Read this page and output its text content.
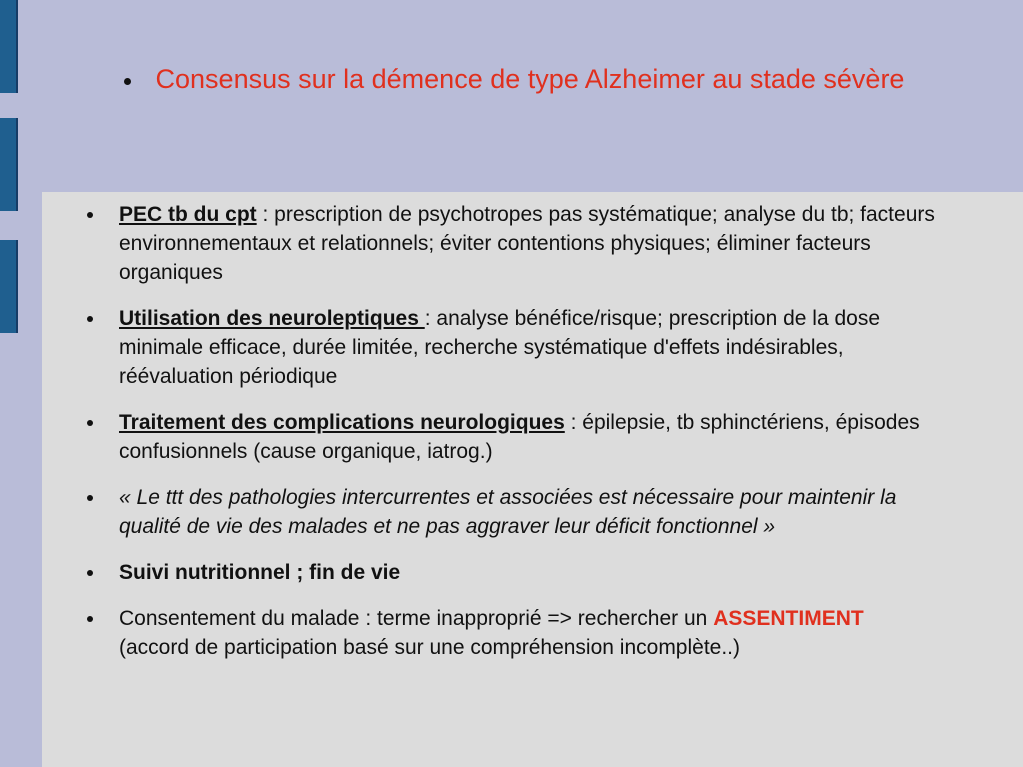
Consensus sur la démence de type Alzheimer au stade sévère
PEC tb du cpt : prescription de psychotropes pas systématique; analyse du tb; facteurs environnementaux et relationnels; éviter contentions physiques; éliminer facteurs organiques
Utilisation des neuroleptiques : analyse bénéfice/risque; prescription de la dose minimale efficace, durée limitée, recherche systématique d'effets indésirables, réévaluation périodique
Traitement des complications neurologiques : épilepsie, tb sphinctériens, épisodes confusionnels (cause organique, iatrog.)
« Le ttt des pathologies intercurrentes et associées est nécessaire pour maintenir la qualité de vie des malades et ne pas aggraver leur déficit fonctionnel »
Suivi nutritionnel ; fin de vie
Consentement du malade : terme inapproprié => rechercher un ASSENTIMENT (accord de participation basé sur une compréhension incomplète..)
